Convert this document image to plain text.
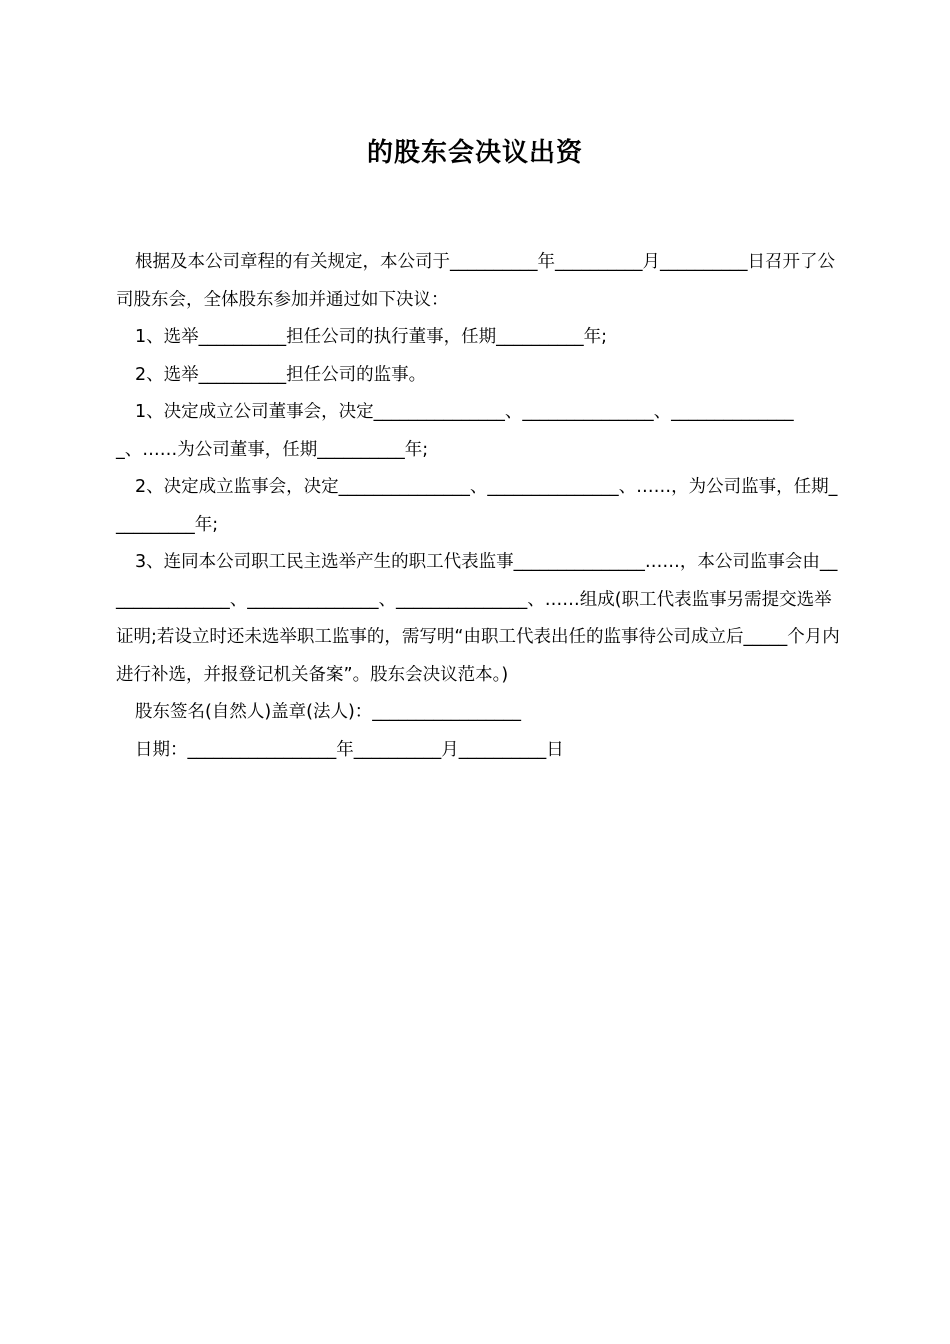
的股东会决议出资

根据及本公司章程的有关规定，本公司于__________年__________月__________日召开了公司股东会，全体股东参加并通过如下决议：

1、选举__________担任公司的执行董事，任期__________年;

2、选举__________担任公司的监事。

1、决定成立公司董事会，决定_______________、_______________、_______________、……为公司董事，任期__________年;

2、决定成立监事会，决定_______________、_______________、……，为公司监事，任期__________年;

3、连同本公司职工民主选举产生的职工代表监事_______________……，本公司监事会由_______________、_______________、_______________、……组成(职工代表监事另需提交选举证明;若设立时还未选举职工监事的，需写明“由职工代表出任的监事待公司成立后_____个月内进行补选，并报登记机关备案”。股东会决议范本。)

股东签名(自然人)盖章(法人)：_________________

日期：_________________年__________月__________日
